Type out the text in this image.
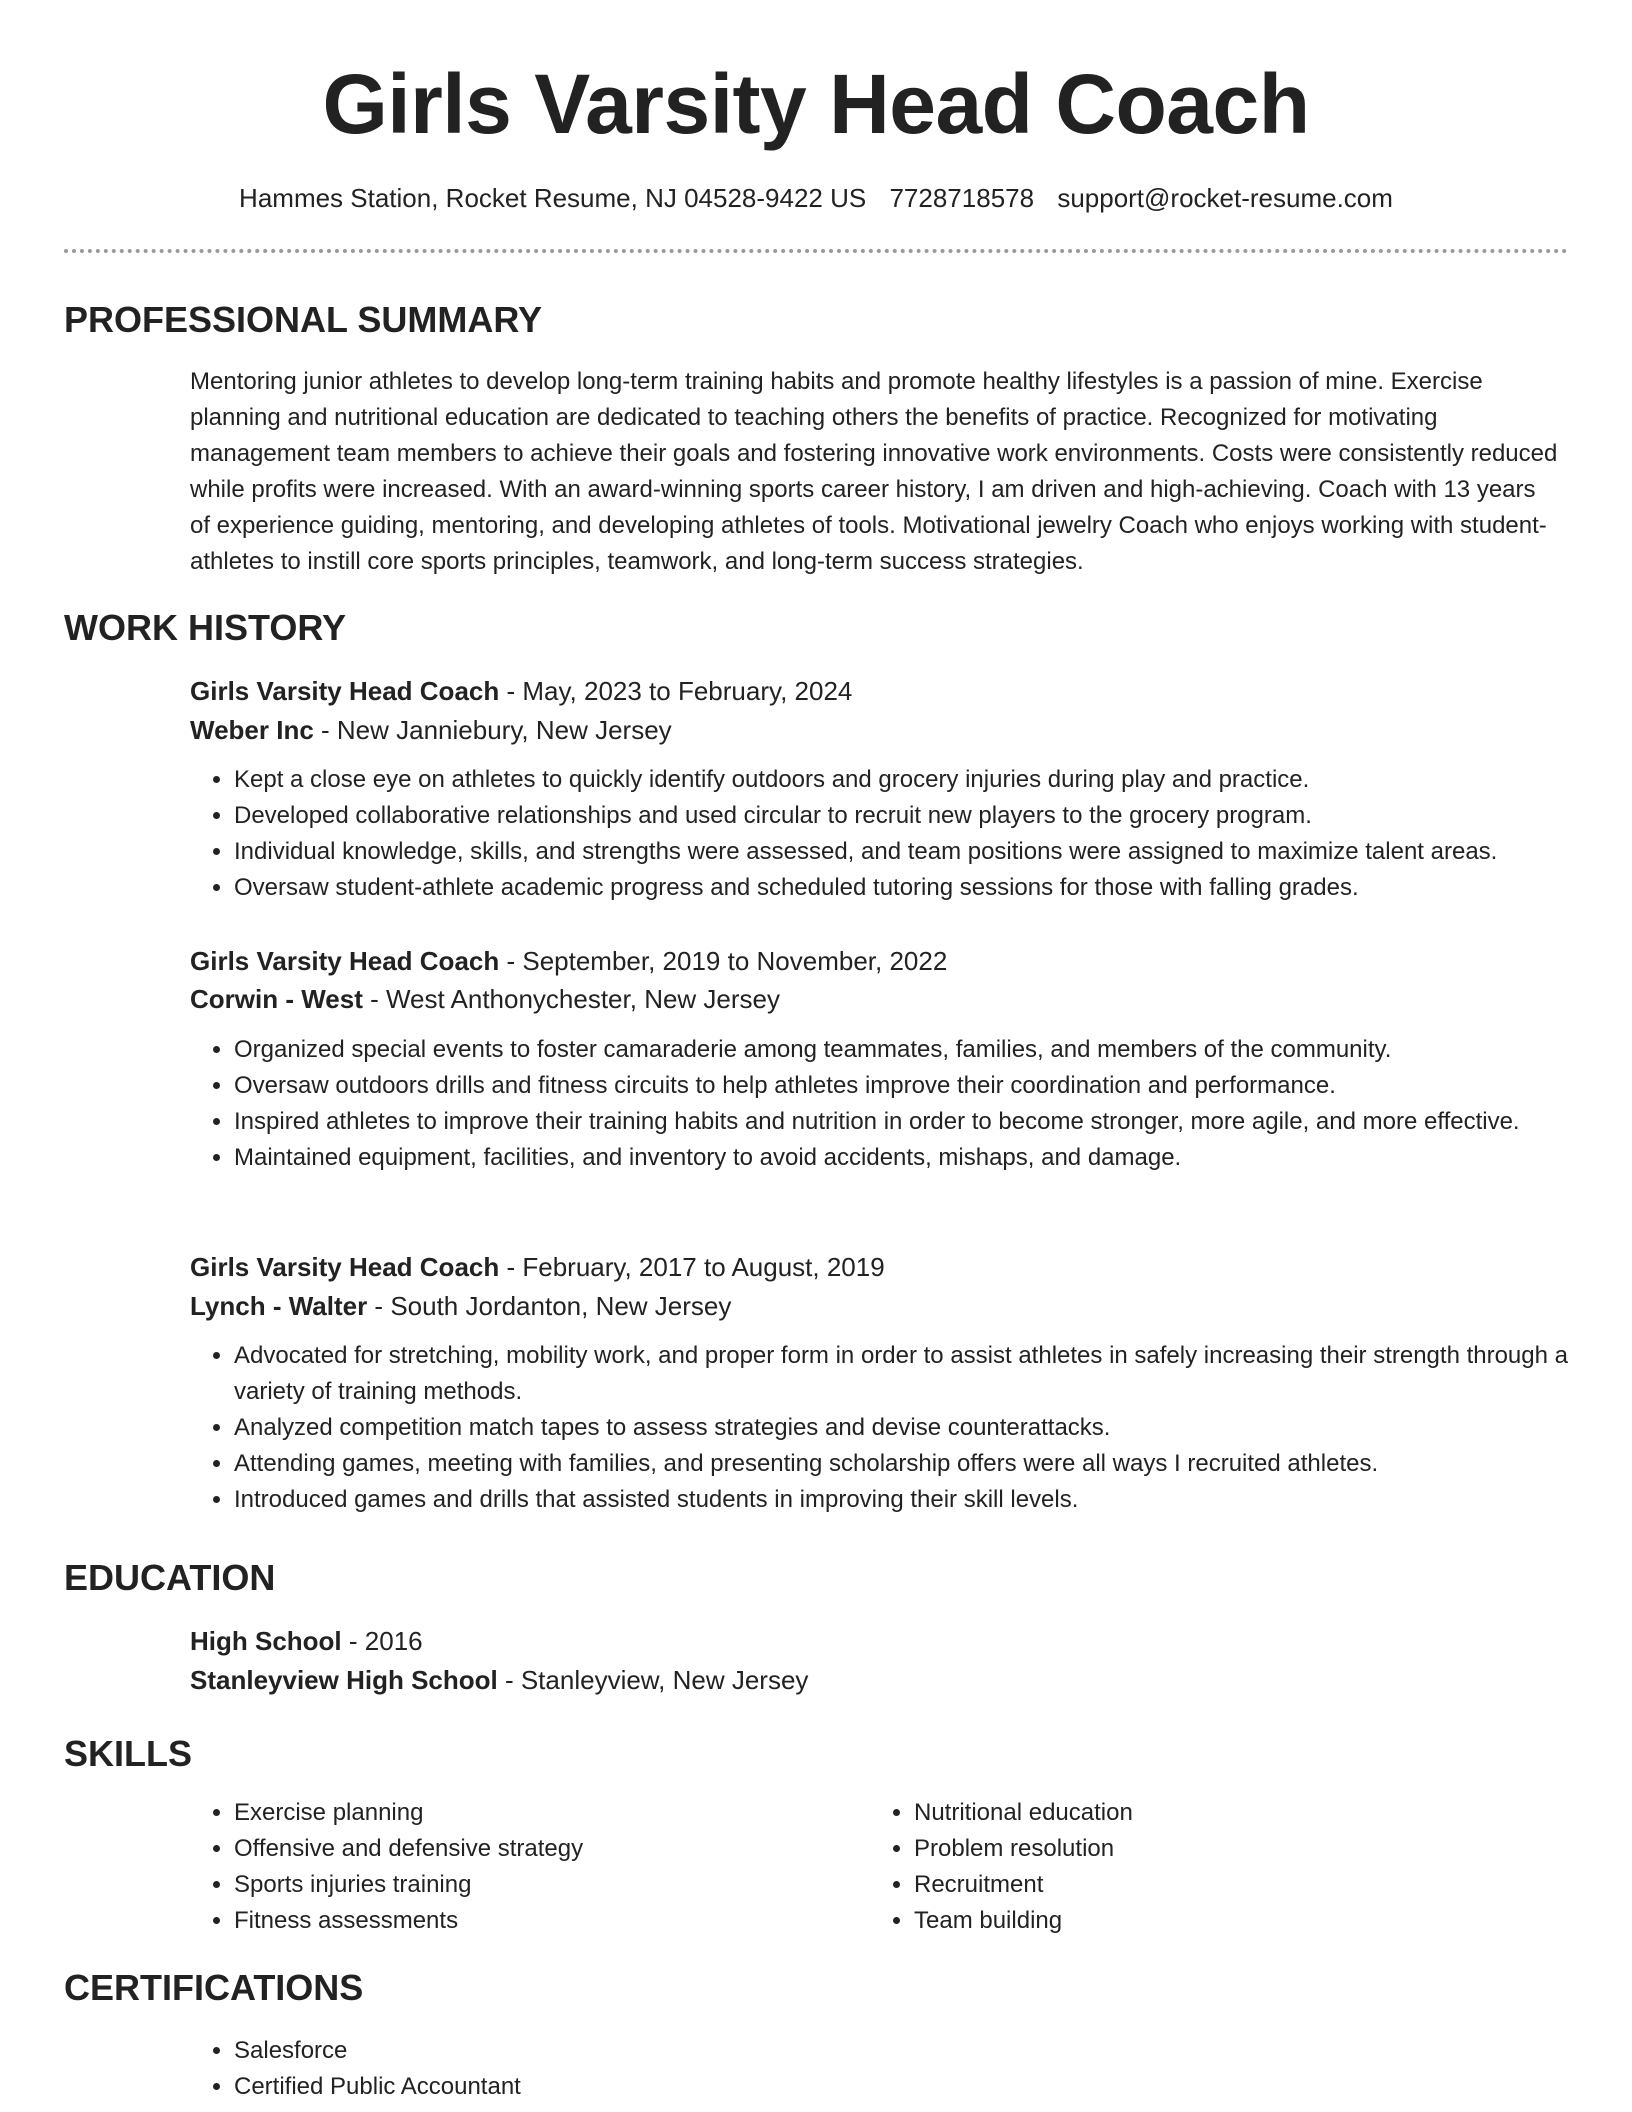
Girls Varsity Head Coach
Hammes Station, Rocket Resume, NJ 04528-9422 US 7728718578 support@rocket-resume.com
PROFESSIONAL SUMMARY

Mentoring junior athletes to develop long-term training habits and promote healthy lifestyles is a passion of mine. Exercise planning and nutritional education are dedicated to teaching others the benefits of practice. Recognized for motivating management team members to achieve their goals and fostering innovative work environments. Costs were consistently reduced while profits were increased. With an award-winning sports career history, I am driven and high-achieving. Coach with 13 years of experience guiding, mentoring, and developing athletes of tools. Motivational jewelry Coach who enjoys working with student-athletes to instill core sports principles, teamwork, and long-term success strategies.

WORK HISTORY
Girls Varsity Head Coach - May, 2023 to February, 2024
Weber Inc - New Janniebury, New Jersey
• Kept a close eye on athletes to quickly identify outdoors and grocery injuries during play and practice.
• Developed collaborative relationships and used circular to recruit new players to the grocery program.
• Individual knowledge, skills, and strengths were assessed, and team positions were assigned to maximize talent areas.
• Oversaw student-athlete academic progress and scheduled tutoring sessions for those with falling grades.
Girls Varsity Head Coach - September, 2019 to November, 2022
Corwin - West - West Anthonychester, New Jersey
• Organized special events to foster camaraderie among teammates, families, and members of the community.
• Oversaw outdoors drills and fitness circuits to help athletes improve their coordination and performance.
• Inspired athletes to improve their training habits and nutrition in order to become stronger, more agile, and more effective.
• Maintained equipment, facilities, and inventory to avoid accidents, mishaps, and damage.
Girls Varsity Head Coach - February, 2017 to August, 2019
Lynch - Walter - South Jordanton, New Jersey
• Advocated for stretching, mobility work, and proper form in order to assist athletes in safely increasing their strength through a variety of training methods.
• Analyzed competition match tapes to assess strategies and devise counterattacks.
• Attending games, meeting with families, and presenting scholarship offers were all ways I recruited athletes.
• Introduced games and drills that assisted students in improving their skill levels.
EDUCATION
High School - 2016
Stanleyview High School - Stanleyview, New Jersey
SKILLS
• Exercise planning
• Offensive and defensive strategy
• Sports injuries training
• Fitness assessments
• Nutritional education
• Problem resolution
• Recruitment
• Team building
CERTIFICATIONS
• Salesforce
• Certified Public Accountant
